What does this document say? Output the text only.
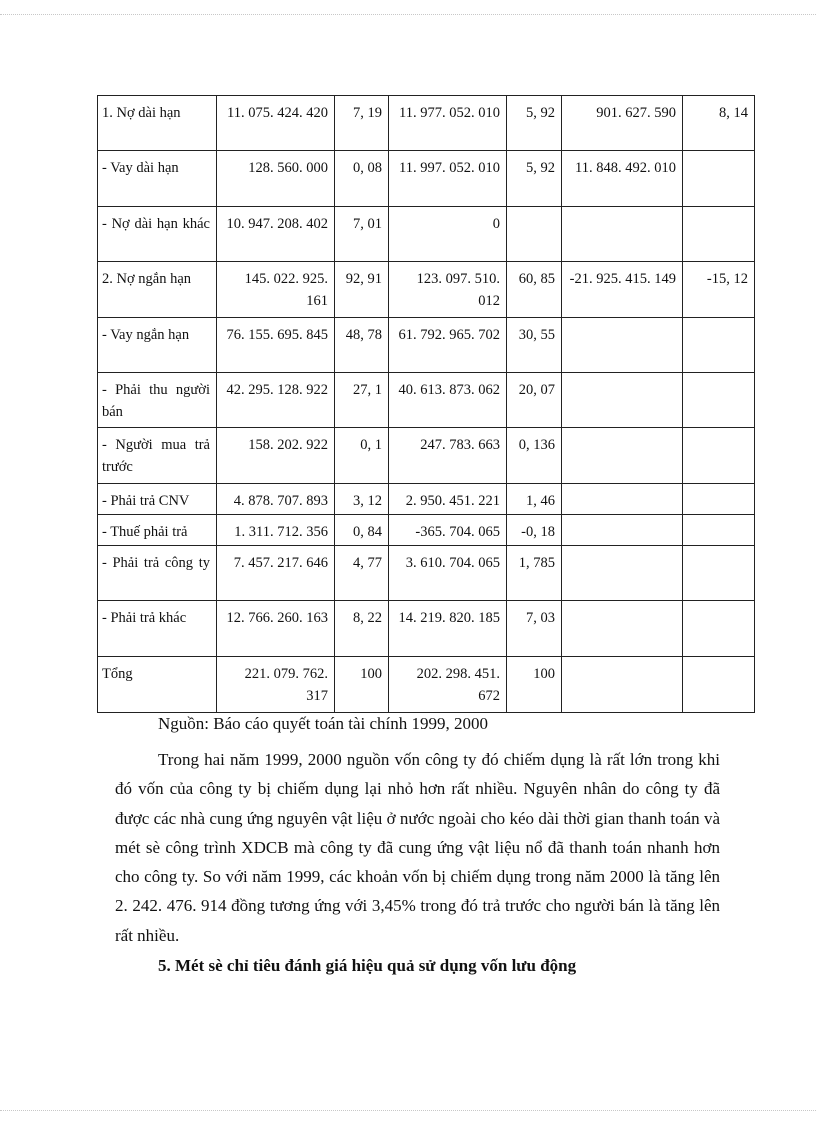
1. Nợ dài hạn	11. 075. 424. 420	7, 19	11. 977. 052. 010	5, 92	901. 627. 590	8, 14
- Vay dài hạn	128. 560. 000	0, 08	11. 997. 052. 010	5, 92	11. 848. 492. 010	
- Nợ dài hạn khác	10. 947. 208. 402	7, 01	0			
2. Nợ ngắn hạn	145. 022. 925. 161	92, 91	123. 097. 510. 012	60, 85	-21. 925. 415. 149	-15, 12
- Vay ngắn hạn	76. 155. 695. 845	48, 78	61. 792. 965. 702	30, 55		
- Phải thu người bán	42. 295. 128. 922	27, 1	40. 613. 873. 062	20, 07		
- Người mua trả trước	158. 202. 922	0, 1	247. 783. 663	0, 136		
- Phải trả CNV	4. 878. 707. 893	3, 12	2. 950. 451. 221	1, 46		
- Thuế phải trả	1. 311. 712. 356	0, 84	-365. 704. 065	-0, 18		
- Phải trả công ty	7. 457. 217. 646	4, 77	3. 610. 704. 065	1, 785		
- Phải trả khác	12. 766. 260. 163	8, 22	14. 219. 820. 185	7, 03		
Tổng	221. 079. 762. 317	100	202. 298. 451. 672	100		
Nguồn: Báo cáo quyết toán tài chính 1999, 2000

Trong hai năm 1999, 2000 nguồn vốn công ty đó chiếm dụng là rất lớn trong khi đó vốn của công ty bị chiếm dụng lại nhỏ hơn rất nhiều. Nguyên nhân do công ty đã được các nhà cung ứng nguyên vật liệu ở nước ngoài cho kéo dài thời gian thanh toán và mét sè công trình XDCB mà công ty đã cung ứng vật liệu nổ đã thanh toán nhanh hơn cho công ty. So với năm 1999, các khoản vốn bị chiếm dụng trong năm 2000 là tăng lên 2. 242. 476. 914 đồng tương ứng với 3,45% trong đó trả trước cho người bán là tăng lên rất nhiều.

5. Mét sè chỉ tiêu đánh giá hiệu quả sử dụng vốn lưu động
